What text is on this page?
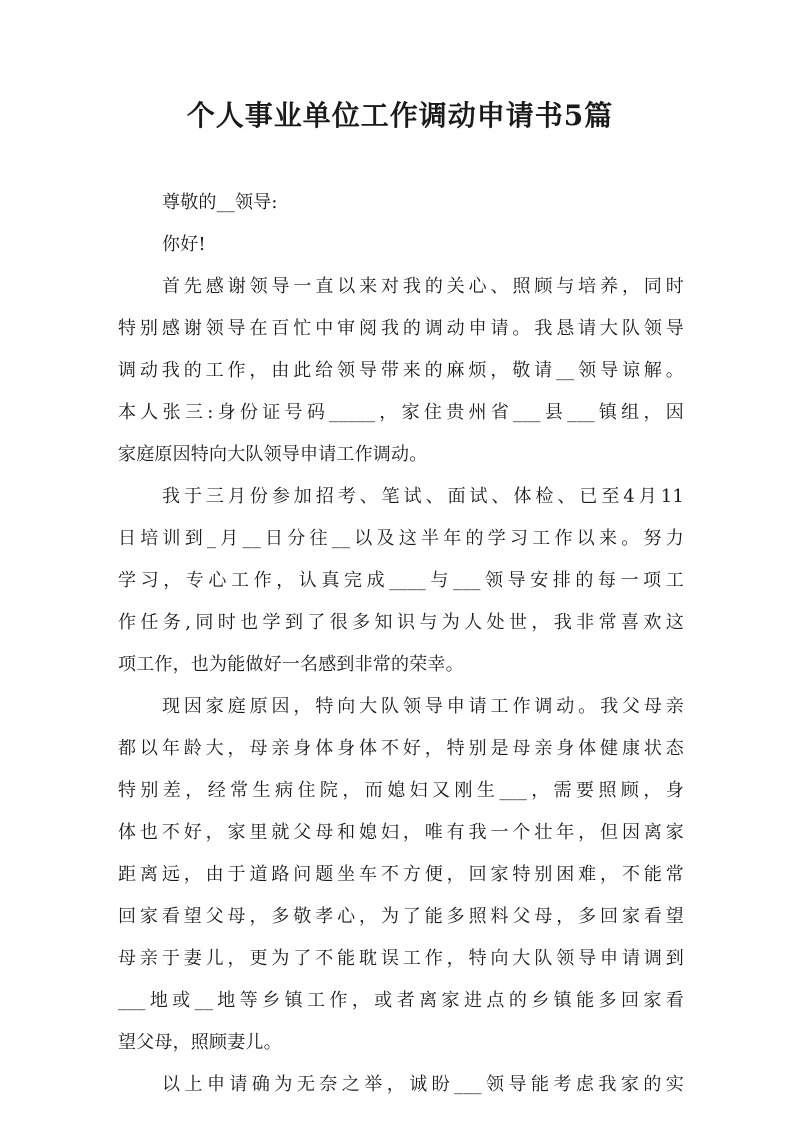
个人事业单位工作调动申请书5篇

尊敬的__领导:

你好!

首先感谢领导一直以来对我的关心、照顾与培养，同时
特别感谢领导在百忙中审阅我的调动申请。我恳请大队领导
调动我的工作，由此给领导带来的麻烦，敬请__领导谅解。
本人张三:身份证号码_____，家住贵州省___县___镇组，因
家庭原因特向大队领导申请工作调动。

我于三月份参加招考、笔试、面试、体检、已至4月11
日培训到_月__日分往__以及这半年的学习工作以来。努力
学习，专心工作，认真完成____与___领导安排的每一项工
作任务,同时也学到了很多知识与为人处世，我非常喜欢这
项工作，也为能做好一名感到非常的荣幸。

现因家庭原因，特向大队领导申请工作调动。我父母亲
都以年龄大，母亲身体身体不好，特别是母亲身体健康状态
特别差，经常生病住院，而媳妇又刚生___，需要照顾，身
体也不好，家里就父母和媳妇，唯有我一个壮年，但因离家
距离远，由于道路问题坐车不方便，回家特别困难，不能常
回家看望父母，多敬孝心，为了能多照料父母，多回家看望
母亲于妻儿，更为了不能耽误工作，特向大队领导申请调到
___地或__地等乡镇工作，或者离家进点的乡镇能多回家看
望父母，照顾妻儿。

以上申请确为无奈之举，诚盼___领导能考虑我家的实
